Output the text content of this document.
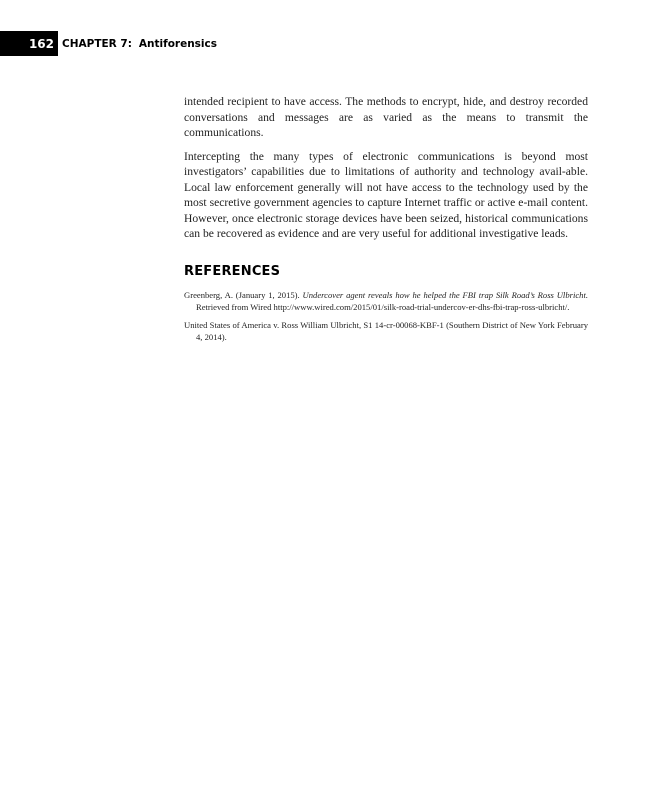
162 CHAPTER 7: Antiforensics

intended recipient to have access. The methods to encrypt, hide, and destroy recorded conversations and messages are as varied as the means to transmit the communications.

Intercepting the many types of electronic communications is beyond most investigators’ capabilities due to limitations of authority and technology avail-able. Local law enforcement generally will not have access to the technology used by the most secretive government agencies to capture Internet traffic or active e-mail content. However, once electronic storage devices have been seized, historical communications can be recovered as evidence and are very useful for additional investigative leads.

REFERENCES

Greenberg, A. (January 1, 2015). Undercover agent reveals how he helped the FBI trap Silk Road’s Ross Ulbricht. Retrieved from Wired http://www.wired.com/2015/01/silk-road-trial-undercov-er-dhs-fbi-trap-ross-ulbricht/.

United States of America v. Ross William Ulbricht, S1 14-cr-00068-KBF-1 (Southern District of New York February 4, 2014).
